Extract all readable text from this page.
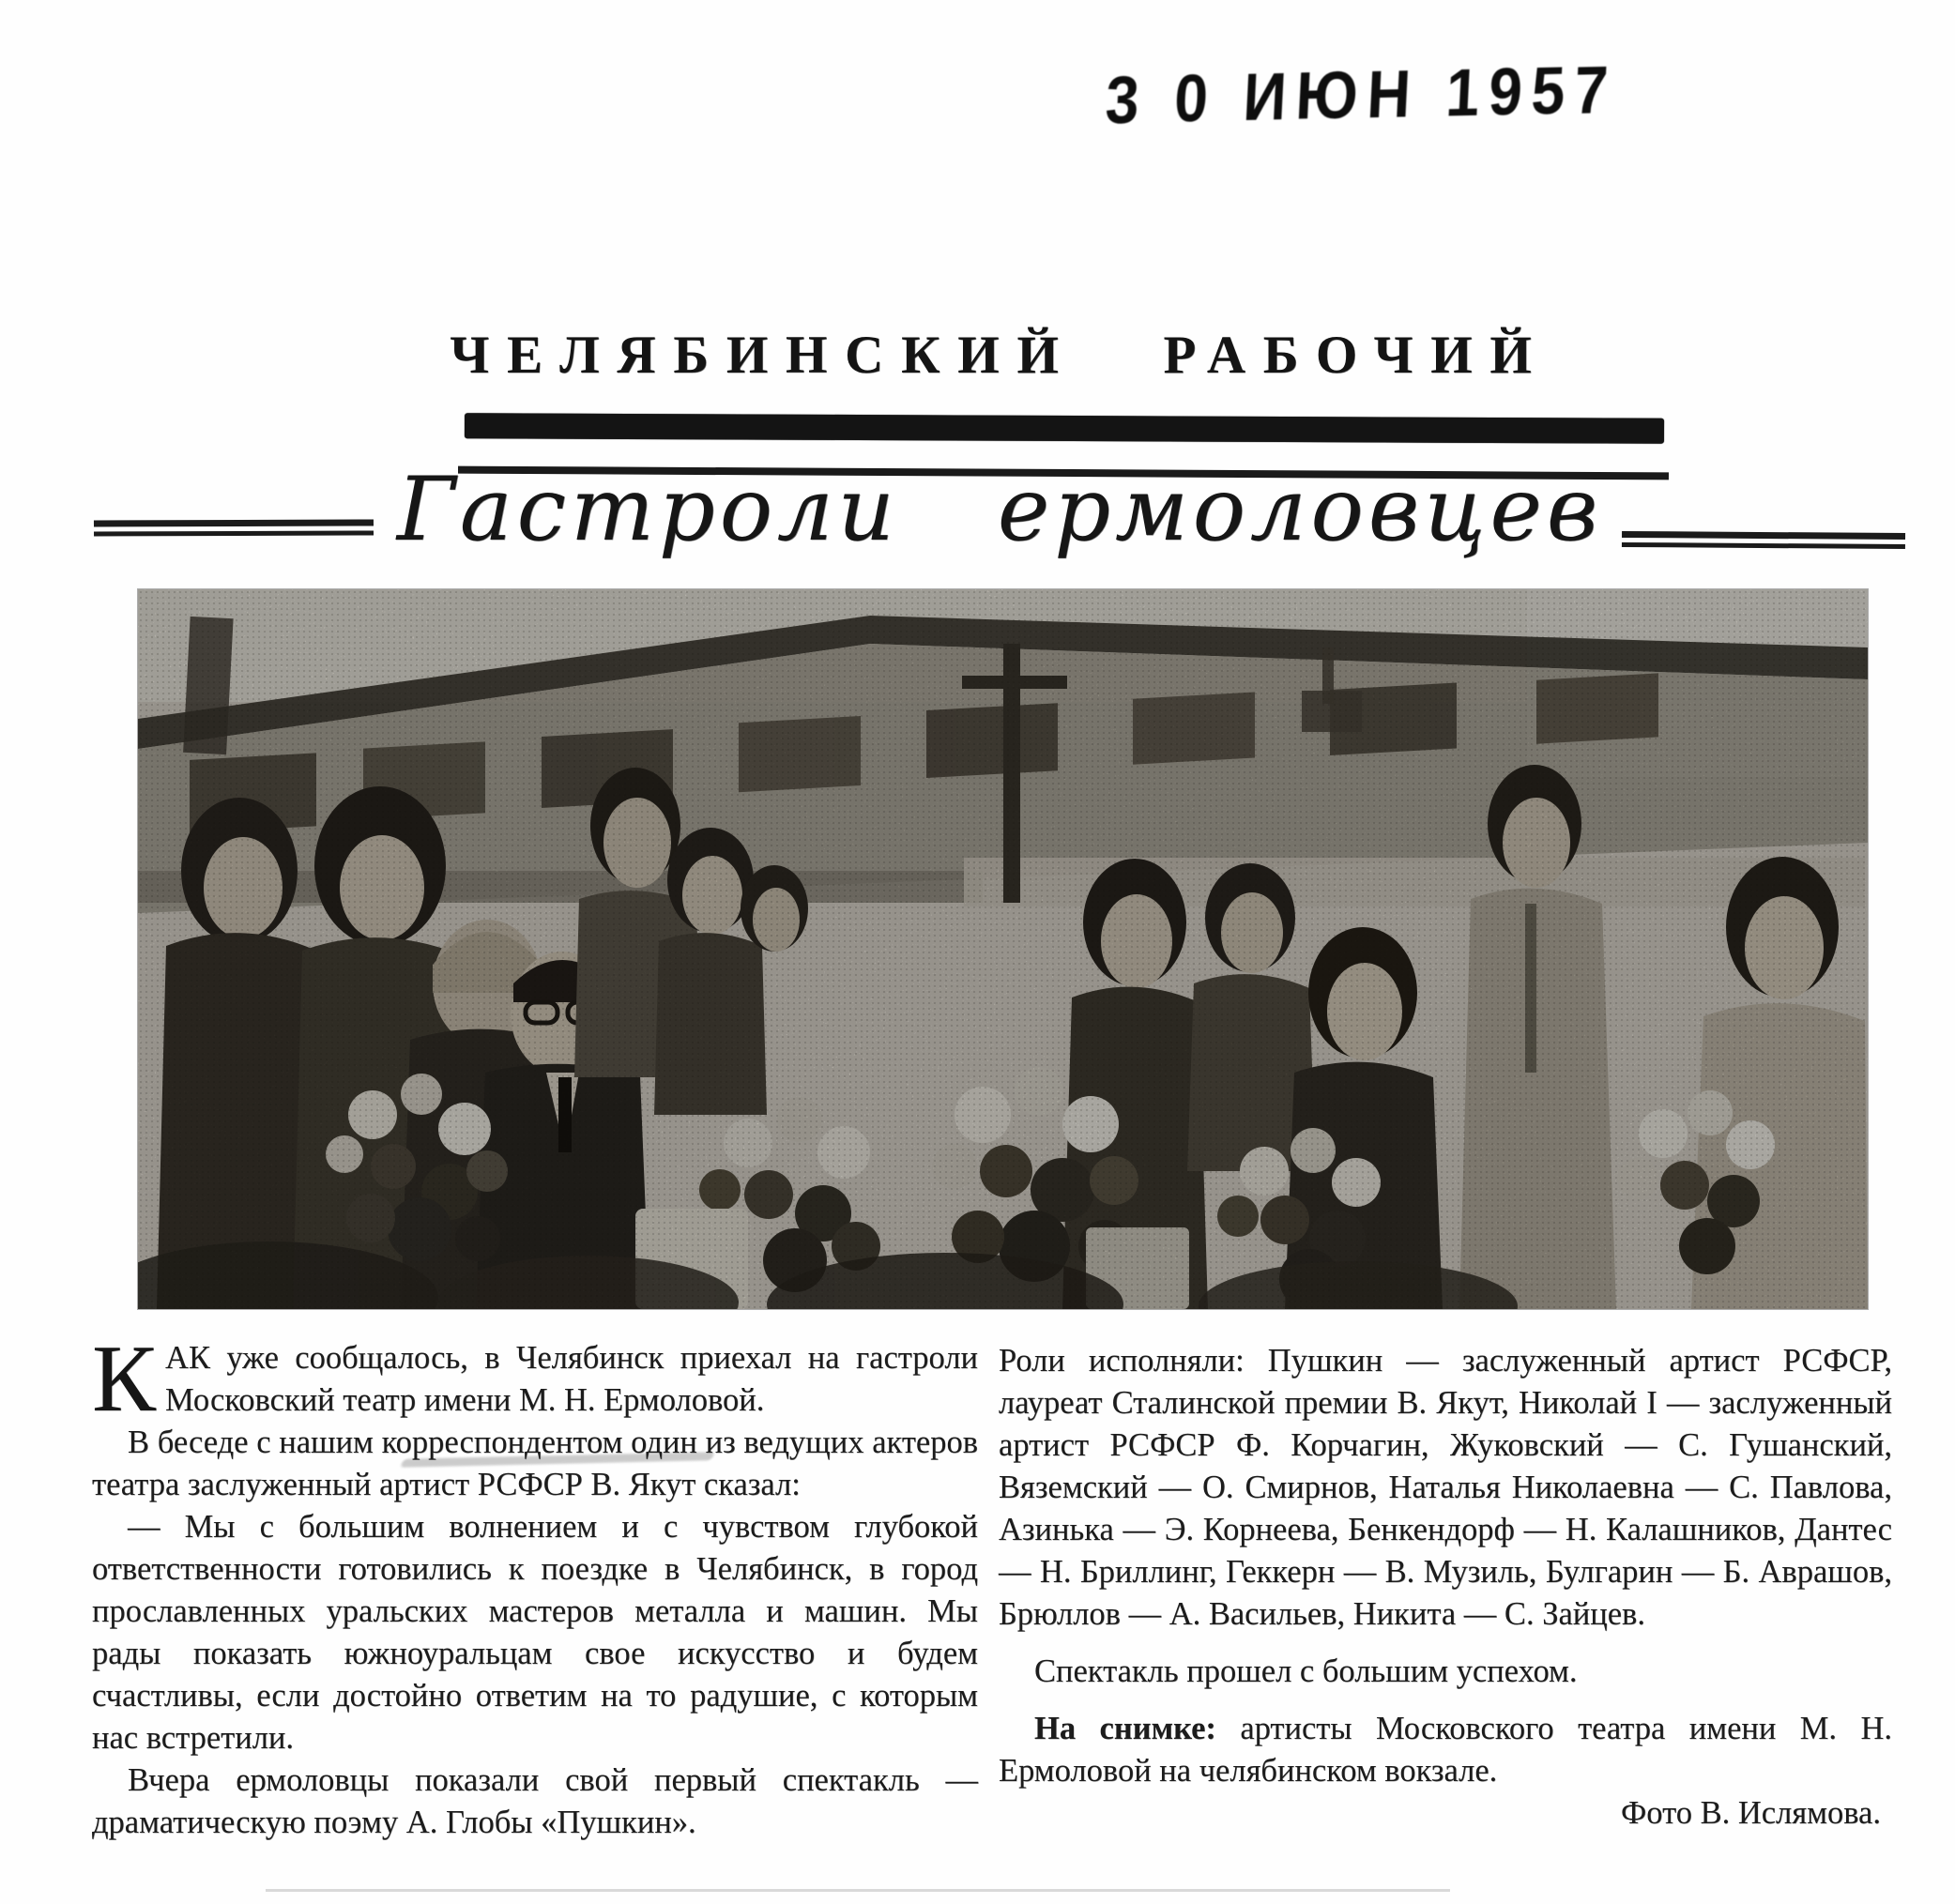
3 0 ИЮН 1957
ЧЕЛЯБИНСКИЙ РАБОЧИЙ
Гастроли ермоловцев

КАК уже сообщалось, в Челябинск приехал на гастроли Московский театр имени М. Н. Ермоловой.

В беседе с нашим корреспондентом один из ведущих актеров театра заслуженный артист РСФСР В. Якут сказал:

— Мы с большим волнением и с чувством глубокой ответственности готовились к поездке в Челябинск, в город прославленных уральских мастеров металла и машин. Мы рады показать южноуральцам свое искусство и будем счастливы, если достойно ответим на то радушие, с которым нас встретили.

Вчера ермоловцы показали свой первый спектакль — драматическую поэму А. Глобы «Пушкин».

Роли исполняли: Пушкин — заслуженный артист РСФСР, лауреат Сталинской премии В. Якут, Николай I — заслуженный артист РСФСР Ф. Корчагин, Жуковский — С. Гушанский, Вяземский — О. Смирнов, Наталья Николаевна — С. Павлова, Азинька — Э. Корнеева, Бенкендорф — Н. Калашников, Дантес — Н. Бриллинг, Геккерн — В. Музиль, Булгарин — Б. Аврашов, Брюллов — А. Васильев, Никита — С. Зайцев.

Спектакль прошел с большим успехом.

На снимке: артисты Московского театра имени М. Н. Ермоловой на челябинском вокзале.

Фото В. Ислямова.
